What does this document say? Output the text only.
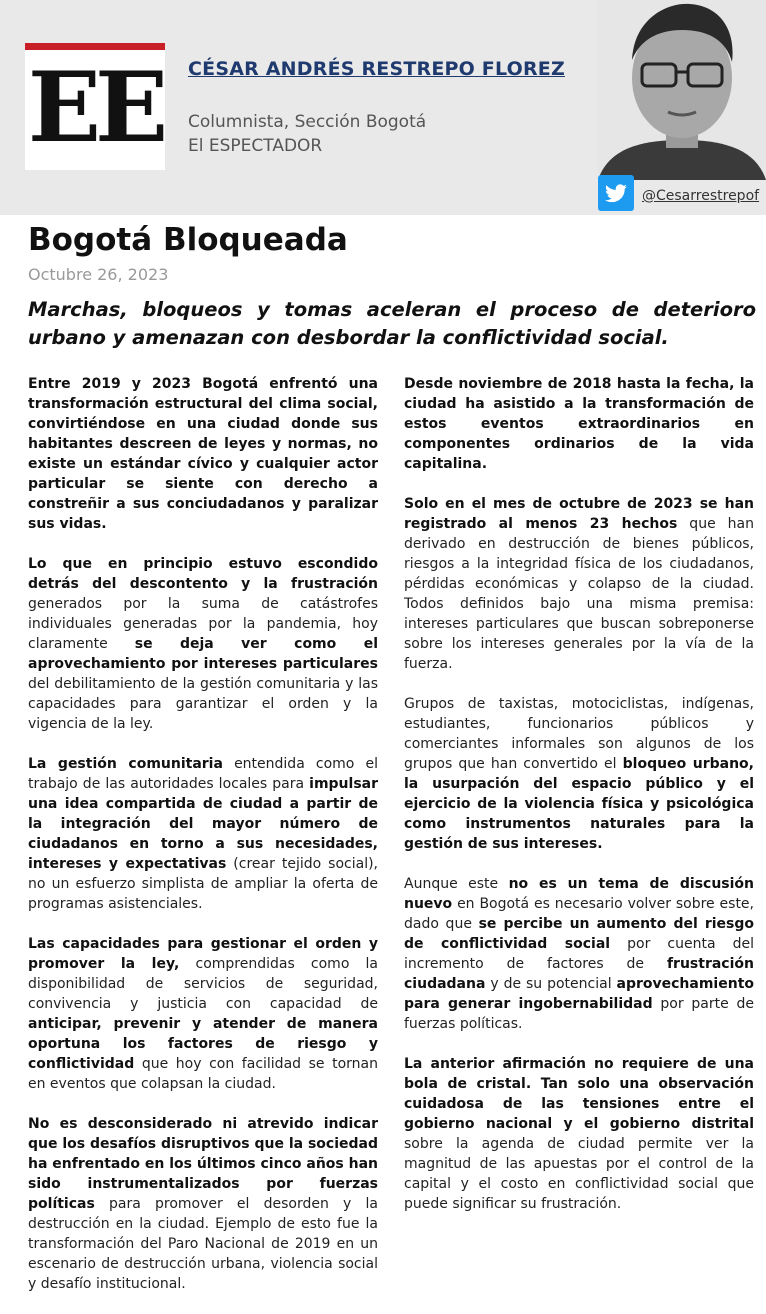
EE CÉSAR ANDRÉS RESTREPO FLOREZ
Columnista, Sección Bogotá
El ESPECTADOR
@Cesarrestrepof
Bogotá Bloqueada
Octubre 26, 2023

Marchas, bloqueos y tomas aceleran el proceso de deterioro urbano y amenazan con desbordar la conflictividad social.

Entre 2019 y 2023 Bogotá enfrentó una transformación estructural del clima social, convirtiéndose en una ciudad donde sus habitantes descreen de leyes y normas, no existe un estándar cívico y cualquier actor particular se siente con derecho a constreñir a sus conciudadanos y paralizar sus vidas.

Lo que en principio estuvo escondido detrás del descontento y la frustración generados por la suma de catástrofes individuales generadas por la pandemia, hoy claramente se deja ver como el aprovechamiento por intereses particulares del debilitamiento de la gestión comunitaria y las capacidades para garantizar el orden y la vigencia de la ley.

La gestión comunitaria entendida como el trabajo de las autoridades locales para impulsar una idea compartida de ciudad a partir de la integración del mayor número de ciudadanos en torno a sus necesidades, intereses y expectativas (crear tejido social), no un esfuerzo simplista de ampliar la oferta de programas asistenciales.

Las capacidades para gestionar el orden y promover la ley, comprendidas como la disponibilidad de servicios de seguridad, convivencia y justicia con capacidad de anticipar, prevenir y atender de manera oportuna los factores de riesgo y conflictividad que hoy con facilidad se tornan en eventos que colapsan la ciudad.

No es desconsiderado ni atrevido indicar que los desafíos disruptivos que la sociedad ha enfrentado en los últimos cinco años han sido instrumentalizados por fuerzas políticas para promover el desorden y la destrucción en la ciudad. Ejemplo de esto fue la transformación del Paro Nacional de 2019 en un escenario de destrucción urbana, violencia social y desafío institucional.

Desde noviembre de 2018 hasta la fecha, la ciudad ha asistido a la transformación de estos eventos extraordinarios en componentes ordinarios de la vida capitalina.

Solo en el mes de octubre de 2023 se han registrado al menos 23 hechos que han derivado en destrucción de bienes públicos, riesgos a la integridad física de los ciudadanos, pérdidas económicas y colapso de la ciudad. Todos definidos bajo una misma premisa: intereses particulares que buscan sobreponerse sobre los intereses generales por la vía de la fuerza.

Grupos de taxistas, motociclistas, indígenas, estudiantes, funcionarios públicos y comerciantes informales son algunos de los grupos que han convertido el bloqueo urbano, la usurpación del espacio público y el ejercicio de la violencia física y psicológica como instrumentos naturales para la gestión de sus intereses.

Aunque este no es un tema de discusión nuevo en Bogotá es necesario volver sobre este, dado que se percibe un aumento del riesgo de conflictividad social por cuenta del incremento de factores de frustración ciudadana y de su potencial aprovechamiento para generar ingobernabilidad por parte de fuerzas políticas.

La anterior afirmación no requiere de una bola de cristal. Tan solo una observación cuidadosa de las tensiones entre el gobierno nacional y el gobierno distrital sobre la agenda de ciudad permite ver la magnitud de las apuestas por el control de la capital y el costo en conflictividad social que puede significar su frustración.
